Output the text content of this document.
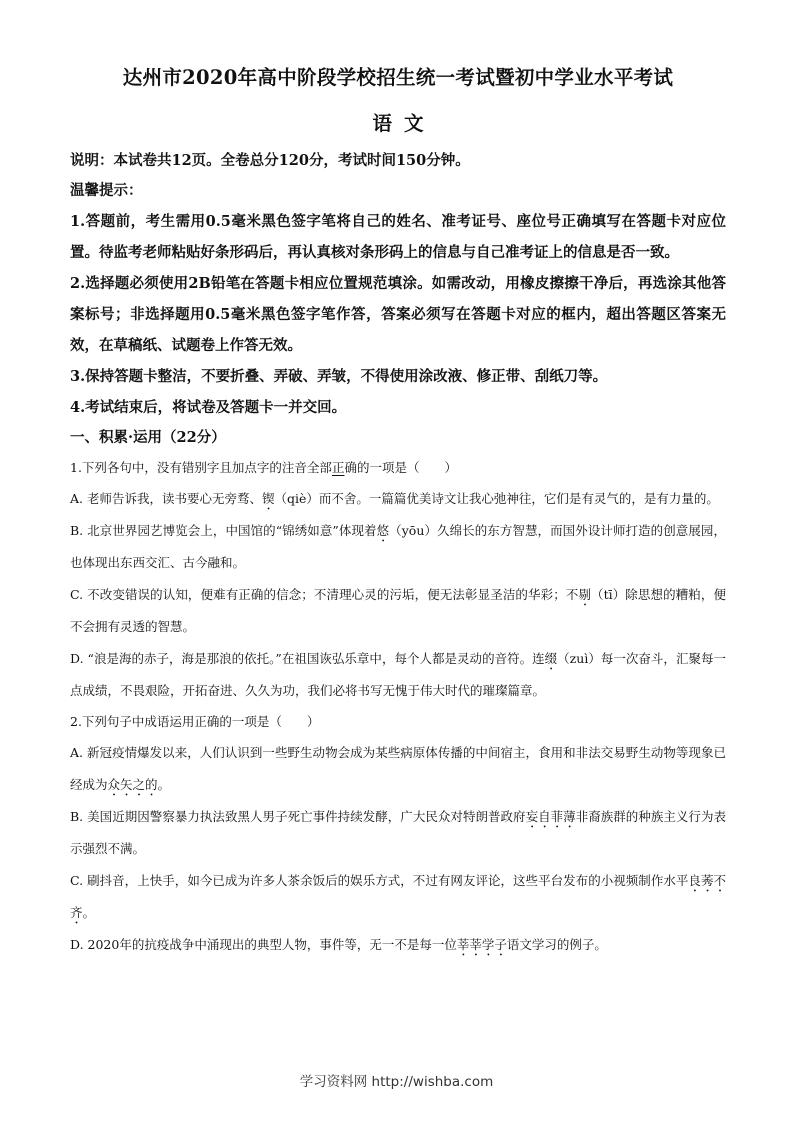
达州市2020年高中阶段学校招生统一考试暨初中学业水平考试
语文

说明：本试卷共12页。全卷总分120分，考试时间150分钟。

温馨提示：

1.答题前，考生需用0.5毫米黑色签字笔将自己的姓名、准考证号、座位号正确填写在答题卡对应位置。待监考老师粘贴好条形码后，再认真核对条形码上的信息与自己准考证上的信息是否一致。

2.选择题必须使用2B铅笔在答题卡相应位置规范填涂。如需改动，用橡皮擦擦干净后，再选涂其他答案标号；非选择题用0.5毫米黑色签字笔作答，答案必须写在答题卡对应的框内，超出答题区答案无效，在草稿纸、试题卷上作答无效。

3.保持答题卡整洁，不要折叠、弄破、弄皱，不得使用涂改液、修正带、刮纸刀等。

4.考试结束后，将试卷及答题卡一并交回。

一、积累·运用（22分）

1.下列各句中，没有错别字且加点字的注音全部正确的一项是（　　）

A. 老师告诉我，读书要心无旁骛、锲（qiè）而不舍。一篇篇优美诗文让我心弛神往，它们是有灵气的，是有力量的。

B. 北京世界园艺博览会上，中国馆的“锦绣如意”体现着悠（yōu）久绵长的东方智慧，而国外设计师打造的创意展园，也体现出东西交汇、古今融和。

C. 不改变错误的认知，便难有正确的信念；不清理心灵的污垢，便无法彰显圣洁的华彩；不剔（tī）除思想的糟粕，便不会拥有灵透的智慧。

D. “浪是海的赤子，海是那浪的依托。”在祖国诙弘乐章中，每个人都是灵动的音符。连缀（zuì）每一次奋斗，汇聚每一点成绩，不畏艰险，开拓奋进、久久为功，我们必将书写无愧于伟大时代的璀璨篇章。

2.下列句子中成语运用正确的一项是（　　）

A. 新冠疫情爆发以来，人们认识到一些野生动物会成为某些病原体传播的中间宿主，食用和非法交易野生动物等现象已经成为众矢之的。

B. 美国近期因警察暴力执法致黑人男子死亡事件持续发酵，广大民众对特朗普政府妄自菲薄非裔族群的种族主义行为表示强烈不满。

C. 刷抖音，上快手，如今已成为许多人茶余饭后的娱乐方式，不过有网友评论，这些平台发布的小视频制作水平良莠不齐。

D. 2020年的抗疫战争中涌现出的典型人物，事件等，无一不是每一位莘莘学子语文学习的例子。

学习资料网 http://wishba.com
